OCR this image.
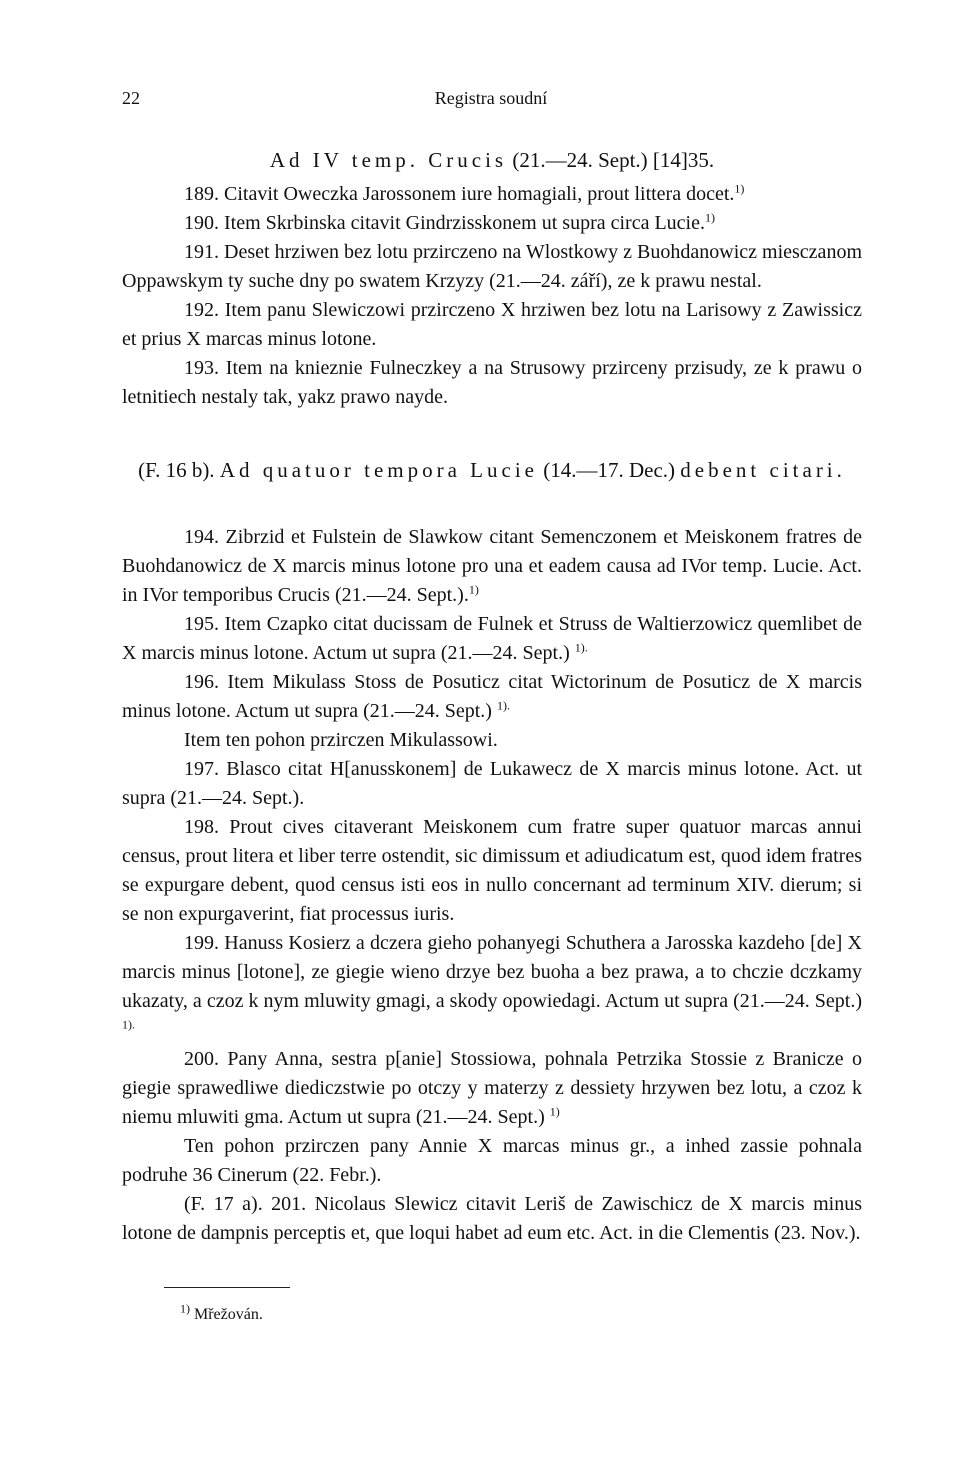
22	Registra soudní
Ad IV temp. Crucis (21.—24. Sept.) [14]35.

189. Citavit Oweczka Jarossonem iure homagiali, prout littera docet.$^{1)}$

190. Item Skrbinska citavit Gindrzisskonem ut supra circa Lucie.$^{1)}$

191. Deset hrziwen bez lotu przirczeno na Wlostkowy z Buohdanowicz miesczanom Oppawskym ty suche dny po swatem Krzyzy (21.—24. září), ze k prawu nestal.

192. Item panu Slewiczowi przirczeno X hrziwen bez lotu na Larisowy z Zawissicz et prius X marcas minus lotone.

193. Item na knieznie Fulneczkey a na Strusowy przirceny przisudy, ze k prawu o letnitiech nestaly tak, yakz prawo nayde.

(F. 16 b). Ad quatuor tempora Lucie (14.—17. Dec.) debent citari.

194. Zibrzid et Fulstein de Slawkow citant Semenczonem et Meiskonem fratres de Buohdanowicz de X marcis minus lotone pro una et eadem causa ad IVor temp. Lucie. Act. in IVor temporibus Crucis (21.—24. Sept.).$^{1)}$

195. Item Czapko citat ducissam de Fulnek et Struss de Waltierzowicz quemlibet de X marcis minus lotone. Actum ut supra (21.—24. Sept.) $^{1).}$

196. Item Mikulass Stoss de Posuticz citat Wictorinum de Posuticz de X marcis minus lotone. Actum ut supra (21.—24. Sept.) $^{1).}$

Item ten pohon przirczen Mikulassowi.

197. Blasco citat H[anusskonem] de Lukawecz de X marcis minus lotone. Act. ut supra (21.—24. Sept.).

198. Prout cives citaverant Meiskonem cum fratre super quatuor marcas annui census, prout litera et liber terre ostendit, sic dimissum et adiudicatum est, quod idem fratres se expurgare debent, quod census isti eos in nullo concernant ad terminum XIV. dierum; si se non expurgaverint, fiat processus iuris.

199. Hanuss Kosierz a dczera gieho pohanyegi Schuthera a Jarosska kazdeho [de] X marcis minus [lotone], ze giegie wieno drzye bez buoha a bez prawa, a to chczie dczkamy ukazaty, a czoz k nym mluwity gmagi, a skody opowiedagi. Actum ut supra (21.—24. Sept.) $^{1).}$

200. Pany Anna, sestra p[anie] Stossiowa, pohnala Petrzika Stossie z Branicze o giegie sprawedliwe diediczstwie po otczy y materzy z dessiety hrzywen bez lotu, a czoz k niemu mluwiti gma. Actum ut supra (21.—24. Sept.) $^{1)}$

Ten pohon przirczen pany Annie X marcas minus gr., a inhed zassie pohnala podruhe 36 Cinerum (22. Febr.).

(F. 17 a). 201. Nicolaus Slewicz citavit Leriš de Zawischicz de X marcis minus lotone de dampnis perceptis et, que loqui habet ad eum etc. Act. in die Clementis (23. Nov.).

$^{1)}$ Mřežován.
